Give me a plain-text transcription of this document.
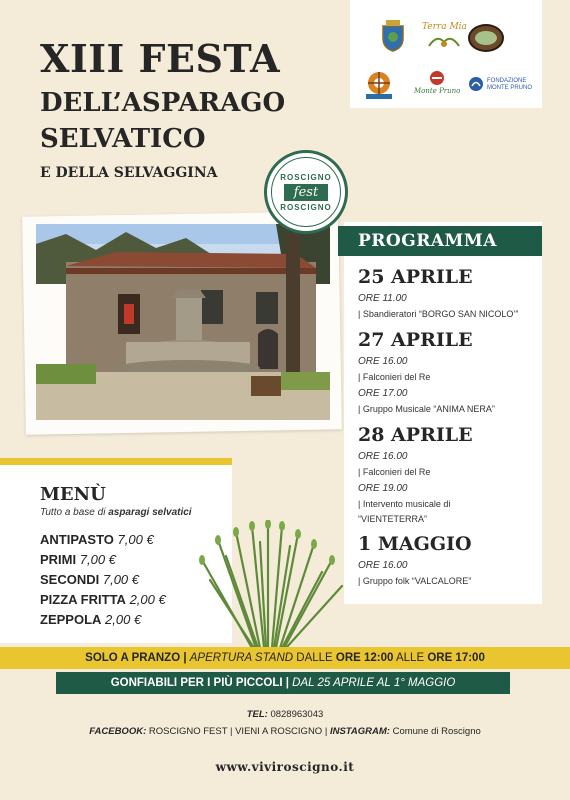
XIII FESTA
DELL’ASPARAGO
SELVATICO
E DELLA SELVAGGINA
Terra Mia
Monte Pruno
FONDAZIONE MONTE PRUNO
ROSCIGNO
fest
ROSCIGNO
PROGRAMMA
25 APRILE
ORE 11.00
| Sbandieratori “BORGO SAN NICOLO’”
27 APRILE
ORE 16.00
| Falconieri del Re
ORE 17.00
| Gruppo Musicale “ANIMA NERA”
28 APRILE
ORE 16.00
| Falconieri del Re
ORE 19.00
| Intervento musicale di
“VIENTETERRA”
1 MAGGIO
ORE 16.00
| Gruppo folk “VALCALORE”
MENÙ
Tutto a base di asparagi selvatici
ANTIPASTO 7,00 €
PRIMI 7,00 €
SECONDI 7,00 €
PIZZA FRITTA 2,00 €
ZEPPOLA 2,00 €
SOLO A PRANZO | APERTURA STAND DALLE ORE 12:00 ALLE ORE 17:00
GONFIABILI PER I PIÙ PICCOLI | DAL 25 APRILE AL 1° MAGGIO
TEL: 0828963043
FACEBOOK: ROSCIGNO FEST | VIENI A ROSCIGNO | INSTAGRAM: Comune di Roscigno
www.viviroscigno.it
